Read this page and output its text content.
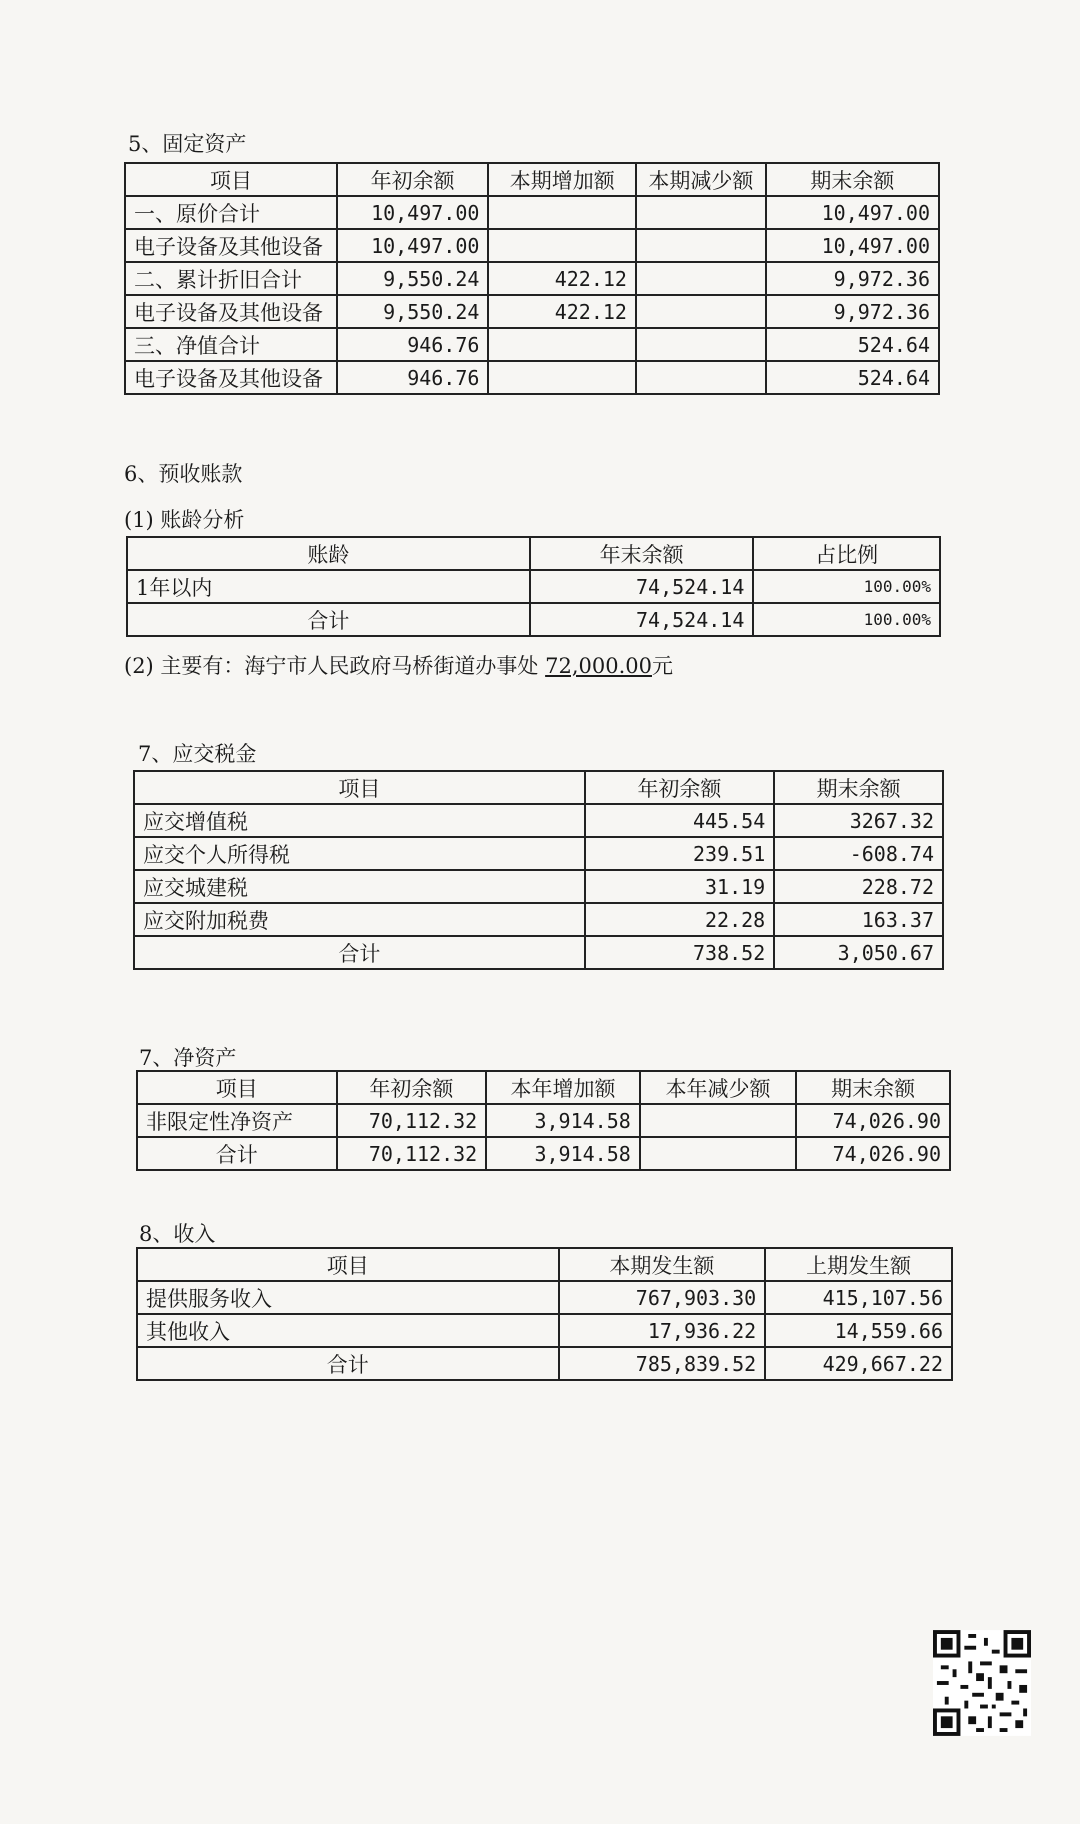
5、固定资产
项目	年初余额	本期增加额	本期减少额	期末余额
一、原价合计	10,497.00			10,497.00
电子设备及其他设备	10,497.00			10,497.00
二、累计折旧合计	9,550.24	422.12		9,972.36
电子设备及其他设备	9,550.24	422.12		9,972.36
三、净值合计	946.76			524.64
电子设备及其他设备	946.76			524.64
6、预收账款
(1) 账龄分析
账龄	年末余额	占比例
1年以内	74,524.14	100.00%
合计	74,524.14	100.00%
(2) 主要有：海宁市人民政府马桥街道办事处 72,000.00元
7、应交税金
项目	年初余额	期末余额
应交增值税	445.54	3267.32
应交个人所得税	239.51	-608.74
应交城建税	31.19	228.72
应交附加税费	22.28	163.37
合计	738.52	3,050.67
7、净资产
项目	年初余额	本年增加额	本年减少额	期末余额
非限定性净资产	70,112.32	3,914.58		74,026.90
合计	70,112.32	3,914.58		74,026.90
8、收入
项目	本期发生额	上期发生额
提供服务收入	767,903.30	415,107.56
其他收入	17,936.22	14,559.66
合计	785,839.52	429,667.22
